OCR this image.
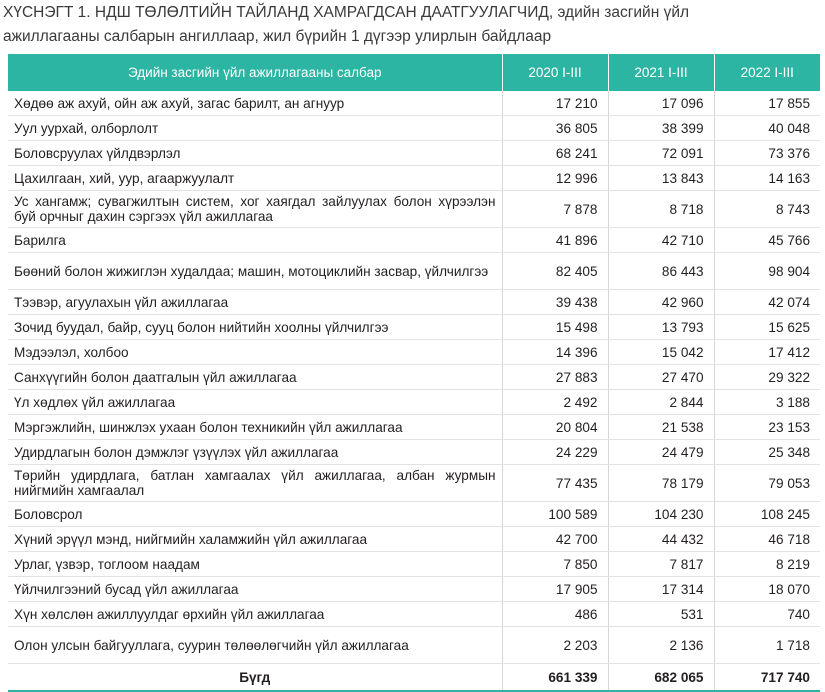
ХҮСНЭГТ 1. НДШ ТӨЛӨЛТИЙН ТАЙЛАНД ХАМРАГДСАН ДААТГУУЛАГЧИД, эдийн засгийн үйл
ажиллагааны салбарын ангиллаар, жил бүрийн 1 дүгээр улирлын байдлаар
Эдийн засгийн үйл ажиллагааны салбар	2020 I-III	2021 I-III	2022 I-III
Хөдөө аж ахуй, ойн аж ахуй, загас барилт, ан агнуур	17 210	17 096	17 855
Уул уурхай, олборлолт	36 805	38 399	40 048
Боловсруулах үйлдвэрлэл	68 241	72 091	73 376
Цахилгаан, хий, уур, агааржуулалт	12 996	13 843	14 163
Ус хангамж; сувагжилтын систем, хог хаягдал зайлуулах болон хүрээлэн буй орчныг дахин сэргээх үйл ажиллагаа	7 878	8 718	8 743
Барилга	41 896	42 710	45 766
Бөөний болон жижиглэн худалдаа; машин, мотоциклийн засвар, үйлчилгээ	82 405	86 443	98 904
Тээвэр, агуулахын үйл ажиллагаа	39 438	42 960	42 074
Зочид буудал, байр, сууц болон нийтийн хоолны үйлчилгээ	15 498	13 793	15 625
Мэдээлэл, холбоо	14 396	15 042	17 412
Санхүүгийн болон даатгалын үйл ажиллагаа	27 883	27 470	29 322
Үл хөдлөх үйл ажиллагаа	2 492	2 844	3 188
Мэргэжлийн, шинжлэх ухаан болон техникийн үйл ажиллагаа	20 804	21 538	23 153
Удирдлагын болон дэмжлэг үзүүлэх үйл ажиллагаа	24 229	24 479	25 348
Төрийн удирдлага, батлан хамгаалах үйл ажиллагаа, албан журмын нийгмийн хамгаалал	77 435	78 179	79 053
Боловсрол	100 589	104 230	108 245
Хүний эрүүл мэнд, нийгмийн халамжийн үйл ажиллагаа	42 700	44 432	46 718
Урлаг, үзвэр, тоглоом наадам	7 850	7 817	8 219
Үйлчилгээний бусад үйл ажиллагаа	17 905	17 314	18 070
Хүн хөлслөн ажиллуулдаг өрхийн үйл ажиллагаа	486	531	740
Олон улсын байгууллага, суурин төлөөлөгчийн үйл ажиллагаа	2 203	2 136	1 718
Бүгд	661 339	682 065	717 740
